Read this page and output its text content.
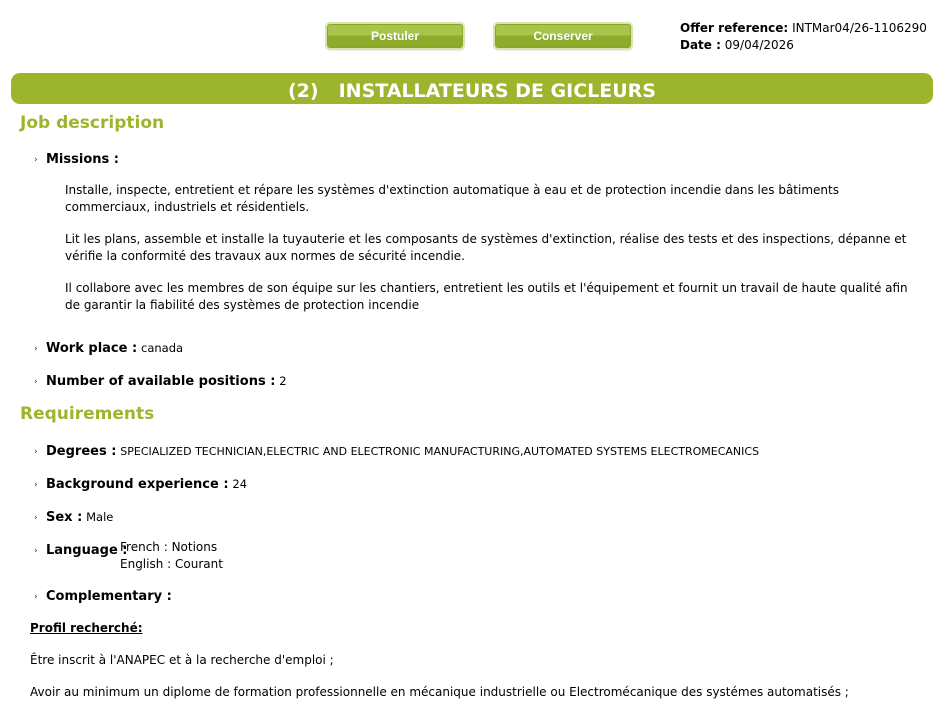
Postuler	Conserver
Offer reference: INTMar04/26-1106290
Date : 09/04/2026
(2) INSTALLATEURS DE GICLEURS
Job description
› Missions :
Installe, inspecte, entretient et répare les systèmes d'extinction automatique à eau et de protection incendie dans les bâtiments commerciaux, industriels et résidentiels.
Lit les plans, assemble et installe la tuyauterie et les composants de systèmes d'extinction, réalise des tests et des inspections, dépanne et vérifie la conformité des travaux aux normes de sécurité incendie.
Il collabore avec les membres de son équipe sur les chantiers, entretient les outils et l'équipement et fournit un travail de haute qualité afin de garantir la fiabilité des systèmes de protection incendie
› Work place : canada
› Number of available positions : 2
Requirements
› Degrees : SPECIALIZED TECHNICIAN,ELECTRIC AND ELECTRONIC MANUFACTURING,AUTOMATED SYSTEMS ELECTROMECANICS
› Background experience : 24
› Sex : Male
› Language :
French : Notions
English : Courant
› Complementary :
Profil recherché:
Être inscrit à l'ANAPEC et à la recherche d'emploi ;
Avoir au minimum un diplome de formation professionnelle en mécanique industrielle ou Electromécanique des systémes automatisés ;
